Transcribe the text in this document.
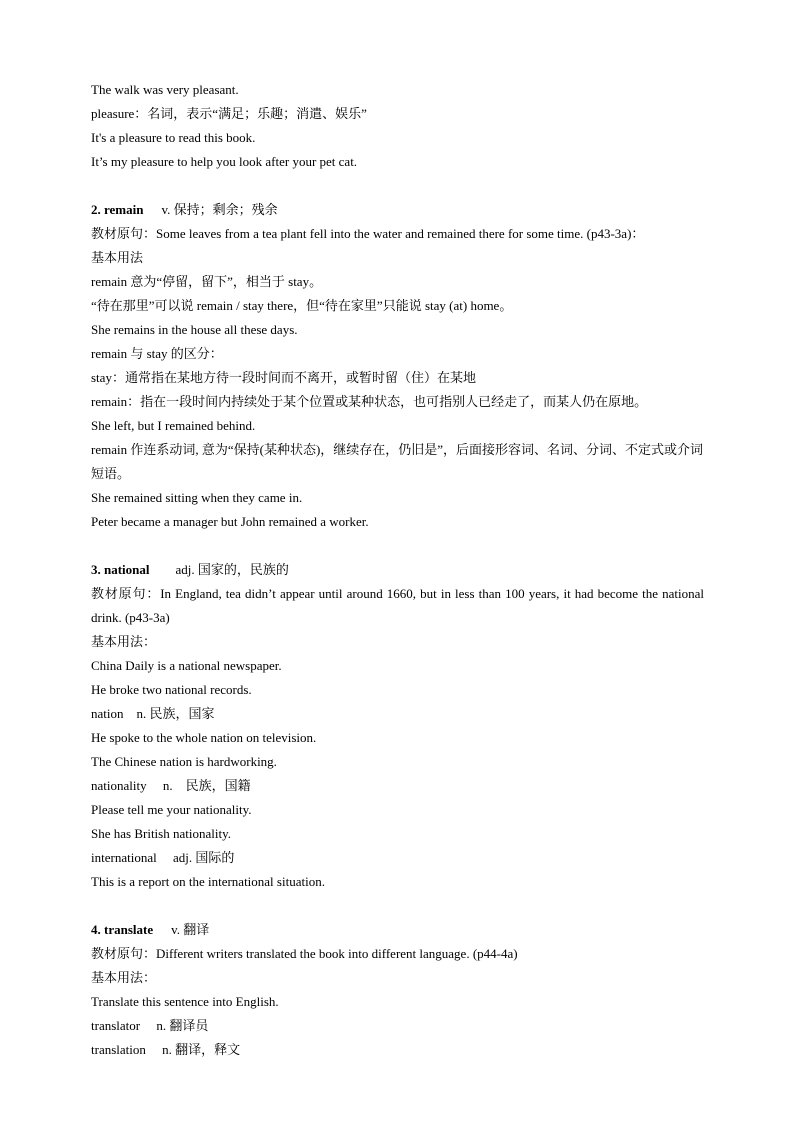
The walk was very pleasant.

pleasure：名词，表示“满足；乐趣；消遣、娱乐”

It's a pleasure to read this book.

It’s my pleasure to help you look after your pet cat.

2. remain v. 保持；剩余；残余

教材原句：Some leaves from a tea plant fell into the water and remained there for some time. (p43-3a)：

基本用法

remain 意为“停留，留下”，相当于 stay。

“待在那里”可以说 remain / stay there，但“待在家里”只能说 stay (at) home。

She remains in the house all these days.

remain 与 stay 的区分：

stay：通常指在某地方待一段时间而不离开，或暂时留（住）在某地

remain：指在一段时间内持续处于某个位置或某种状态，也可指别人已经走了，而某人仍在原地。

She left, but I remained behind.

remain 作连系动词, 意为“保持(某种状态)，继续存在，仍旧是”，后面接形容词、名词、分词、不定式或介词短语。

She remained sitting when they came in.

Peter became a manager but John remained a worker.

3. national adj. 国家的，民族的

教材原句：In England, tea didn’t appear until around 1660, but in less than 100 years, it had become the national drink. (p43-3a)

基本用法：

China Daily is a national newspaper.

He broke two national records.

nation　n. 民族，国家

He spoke to the whole nation on television.

The Chinese nation is hardworking.

nationality　 n.　民族，国籍

Please tell me your nationality.

She has British nationality.

international　 adj. 国际的

This is a report on the international situation.

4. translate v. 翻译

教材原句：Different writers translated the book into different language. (p44-4a)

基本用法：

Translate this sentence into English.

translator　 n. 翻译员

translation　 n. 翻译，释文
